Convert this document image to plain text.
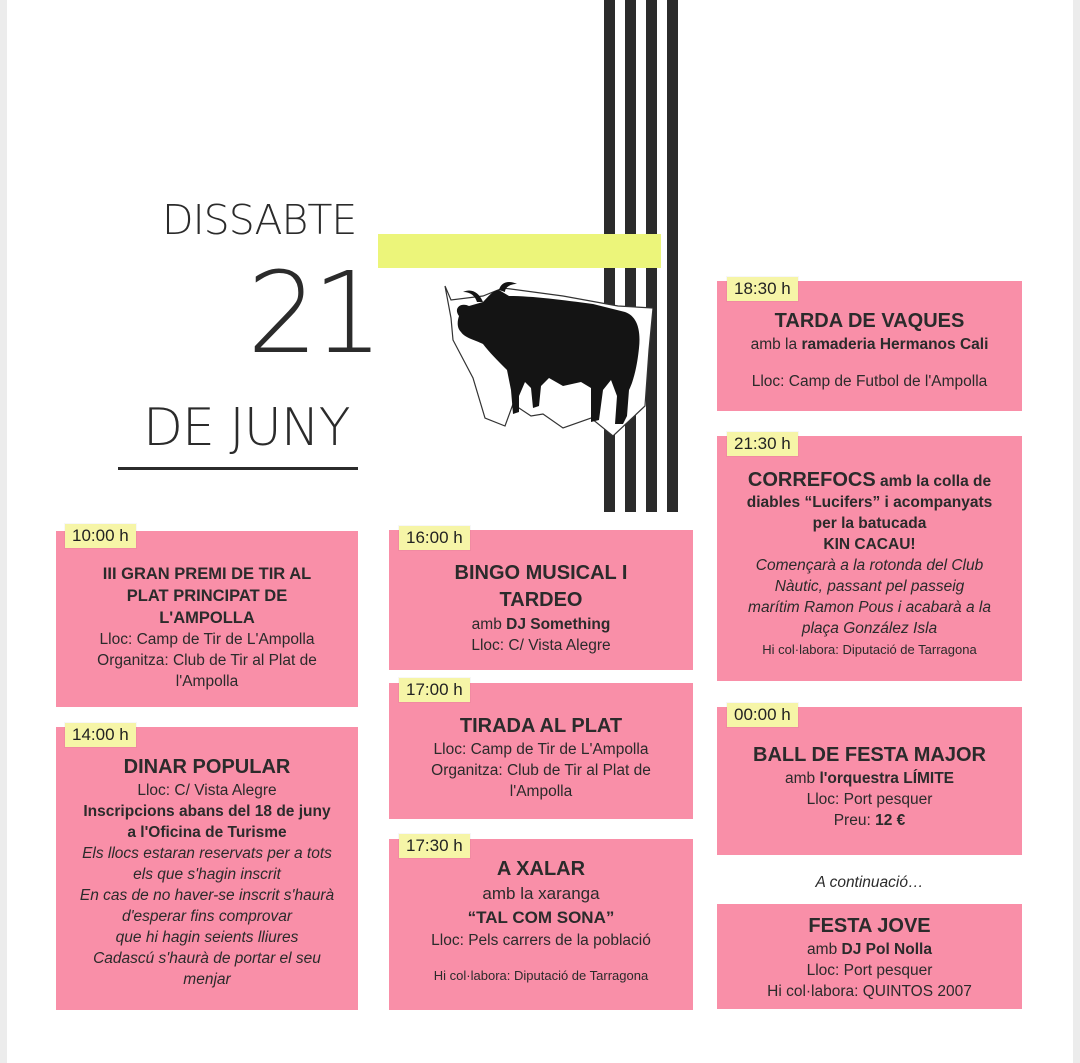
DISSABTE
21
DE JUNY
III GRAN PREMI DE TIR AL
PLAT PRINCIPAT DE
L'AMPOLLA
Lloc: Camp de Tir de L'Ampolla
Organitza: Club de Tir al Plat de
l'Ampolla
10:00 h
DINAR POPULAR
Lloc: C/ Vista Alegre
Inscripcions abans del 18 de juny
a l'Oficina de Turisme
Els llocs estaran reservats per a tots
els que s'hagin inscrit
En cas de no haver-se inscrit s'haurà
d'esperar fins comprovar
que hi hagin seients lliures
Cadascú s'haurà de portar el seu
menjar
14:00 h
BINGO MUSICAL I
TARDEO
amb DJ Something
Lloc: C/ Vista Alegre
16:00 h
TIRADA AL PLAT
Lloc: Camp de Tir de L'Ampolla
Organitza: Club de Tir al Plat de
l'Ampolla
17:00 h
A XALAR
amb la xaranga
“TAL COM SONA”
Lloc: Pels carrers de la població
Hi col·labora: Diputació de Tarragona
17:30 h
TARDA DE VAQUES
amb la ramaderia Hermanos Cali
Lloc: Camp de Futbol de l'Ampolla
18:30 h
CORREFOCS amb la colla de
diables “Lucifers” i acompanyats
per la batucada
KIN CACAU!
Començarà a la rotonda del Club
Nàutic, passant pel passeig
marítim Ramon Pous i acabarà a la
plaça González Isla
Hi col·labora: Diputació de Tarragona
21:30 h
BALL DE FESTA MAJOR
amb l'orquestra LÍMITE
Lloc: Port pesquer
Preu: 12 €
00:00 h
A continuació…
FESTA JOVE
amb DJ Pol Nolla
Lloc: Port pesquer
Hi col·labora: QUINTOS 2007
